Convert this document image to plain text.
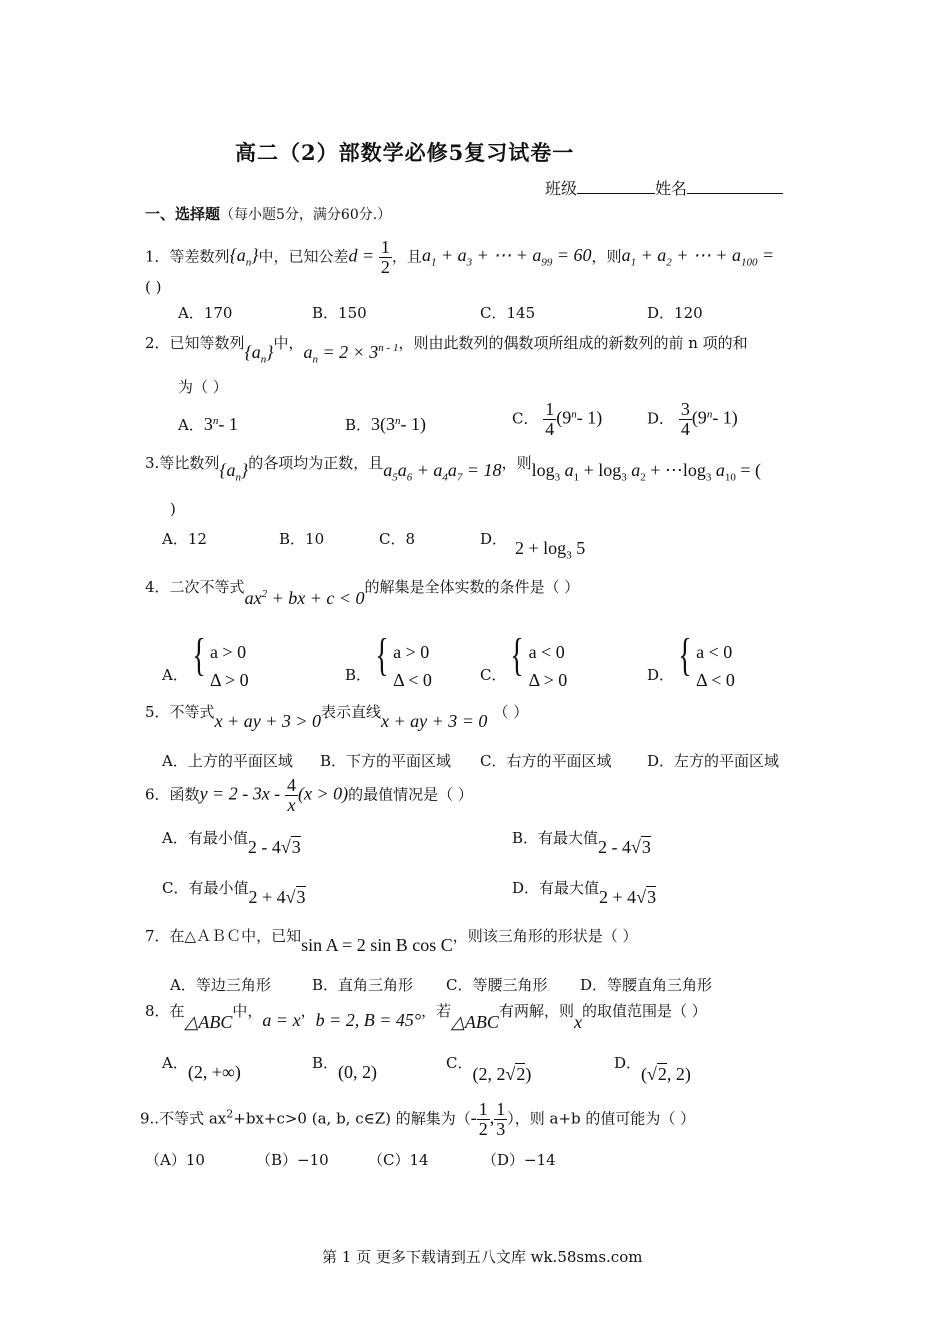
高二（2）部数学必修5复习试卷一
班级	姓名
一、选择题（每小题5分，满分60分.）
1．等差数列$\{a_n\}$中，已知公差$d = \frac{1}{2}$ ，且$a_1 + a_3$ + ⋯ + $a_{99} = 60$，则$a_1 + a_2$ + ⋯ + $a_{100}$ =
( )
A．170	B．150	C．145	D．120
2．已知等数列$\{a_n\}$中，$a_n = 2 \times 3^{n - 1}$，则由此数列的偶数项所组成的新数列的前 n 项的和
为（ ）
A．3$^n$- 1	B．3(3$^n$- 1)	C． $\frac{1}{4} (9^n-$ 1)	D． $\frac{3}{4} (9^n-$ 1)
3.等比数列$\{a_n\}$的各项均为正数，且$a_5a_6 + a_4a_7 = 18$，则$\log_3 a_1 + \log_3 a_2$ + $\cdots\log_3$ $a_{10}$ = (
)
A．12	B．10	C．8	D． $2 + \log_3 5$
4．二次不等式$ax^2$ + bx + c < 0的解集是全体实数的条件是（ ）
A．{ a > 0
Δ > 0	B．{ a > 0
Δ < 0	C．{ a < 0
Δ > 0	D．{ a < 0
Δ < 0
5．不等式x + ay + 3 > 0表示直线x + ay + 3 = 0 （ ）
A．上方的平面区域 B．下方的平面区域 C．右方的平面区域 D．左方的平面区域
6．函数$y = 2 - 3x - \frac{4}{x} (x > 0)$的最值情况是（ ）
A．有最小值2 - 4√3	B．有最大值2 - 4√3
C．有最小值2 + 4√3	D．有最大值2 + 4√3
7．在△ＡＢＣ中，已知sin A = 2 sin B cos C，则该三角形的形状是（ ）
A．等边三角形	B．直角三角形 C．等腰三角形 D．等腰直角三角形
8．在△ABC中，a = x，b = 2, B = 45°，若△ABC有两解，则x的取值范围是（ ）
A．(2, +∞)	B．(0, 2)	C．(2, 2√2)
D．(√2, 2)
9..不等式 $ax^2+bx+c>0$ (a, b, c∈Z) 的解集为（- $\frac{1}{2}$ , $\frac{1}{3}$ ），则 a+b 的值可能为（ ）
（A）10	（B）−10	（C）14	（D）−14
第 1 页 更多下载请到五八文库 wk.58sms.com
